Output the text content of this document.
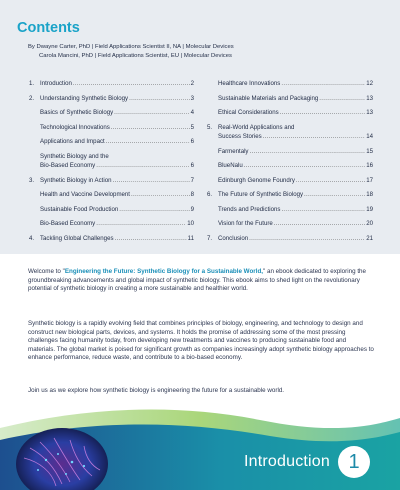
Contents
By Dwayne Carter, PhD | Field Applications Scientist II, NA | Molecular Devices
Carola Mancini, PhD | Field Applications Scientist, EU | Molecular Devices
1. Introduction .....	2
2. Understanding Synthetic Biology .....	3
Basics of Synthetic Biology .....	4
Technological Innovations .....	5
Applications and Impact .....	6
Synthetic Biology and the
Bio-Based Economy .....	6
3. Synthetic Biology in Action .....	7
Health and Vaccine Development .....	8
Sustainable Food Production .....	9
Bio-Based Economy .....	10
4. Tackling Global Challenges .....	11
Healthcare Innovations .....	12
Sustainable Materials and Packaging .....	13
Ethical Considerations .....	13
5. Real-World Applications and
Success Stories .....	14
Farmentaly .....	15
BlueNalu .....	16
Edinburgh Genome Foundry .....	17
6. The Future of Synthetic Biology .....	18
Trends and Predictions .....	19
Vision for the Future .....	20
7. Conclusion .....	21
Welcome to "Engineering the Future: Synthetic Biology for a Sustainable World," an ebook dedicated to exploring the groundbreaking advancements and global impact of synthetic biology. This ebook aims to shed light on the revolutionary potential of synthetic biology in creating a more sustainable and healthier world.
Synthetic biology is a rapidly evolving field that combines principles of biology, engineering, and technology to design and construct new biological parts, devices, and systems. It holds the promise of addressing some of the most pressing challenges facing humanity today, from developing new treatments and vaccines to producing sustainable food and materials. The global market is poised for significant growth as companies increasingly adopt synthetic biology approaches to enhance performance, reduce waste, and contribute to a bio-based economy.
Join us as we explore how synthetic biology is engineering the future for a sustainable world.
Introduction 1
